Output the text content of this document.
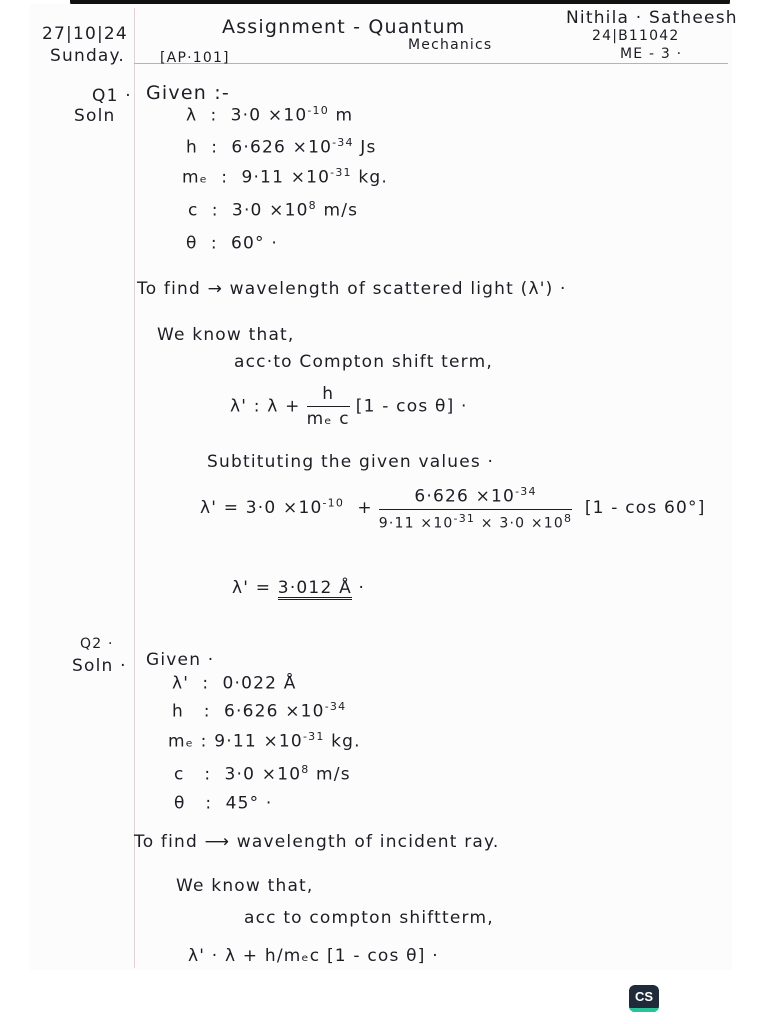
27|10|24
Sunday.
Assignment - Quantum
Mechanics
[AP·101]
Nithila · Satheesh
24|B11042
ME - 3 ·
Q1 ·
Soln
Given :-
λ : $3\cdot 0 \times 10^{-10}$ m
h : $6\cdot 626 \times 10^{-34}$ Js
mₑ : $9\cdot 11 \times 10^{-31}$ kg.
c : $3\cdot 0 \times 10^8$ m/s
θ : 60° ·
To find → wavelength of scattered light (λ') ·
We know that,
acc·to Compton shift term,
λ' : $\lambda + \frac{h}{\text{mₑ c}} [1 - \cos \theta]$ ·
Subtituting the given values ·
$\lambda' = 3\cdot 0 \times 10^{-10} + \frac{6\cdot 626 \times 10^{-34}}{9\cdot 11 \times 10^{-31} \times 3\cdot 0 \times 10^8} [1 - \cos 60^\circ]$
λ' = 3·012 Å ·
Q2 ·
Soln · Given ·
λ' : 0·022 Å
h : $6\cdot 626 \times 10^{-34}$
mₑ : $9\cdot 11 \times 10^{-31}$ kg.
c : $3\cdot 0 \times 10^8$ m/s
θ : 45° ·
To find ⟶ wavelength of incident ray.
We know that,
acc to compton shiftterm,
λ' · λ + h/mₑc [1 - cos θ] ·
CS
